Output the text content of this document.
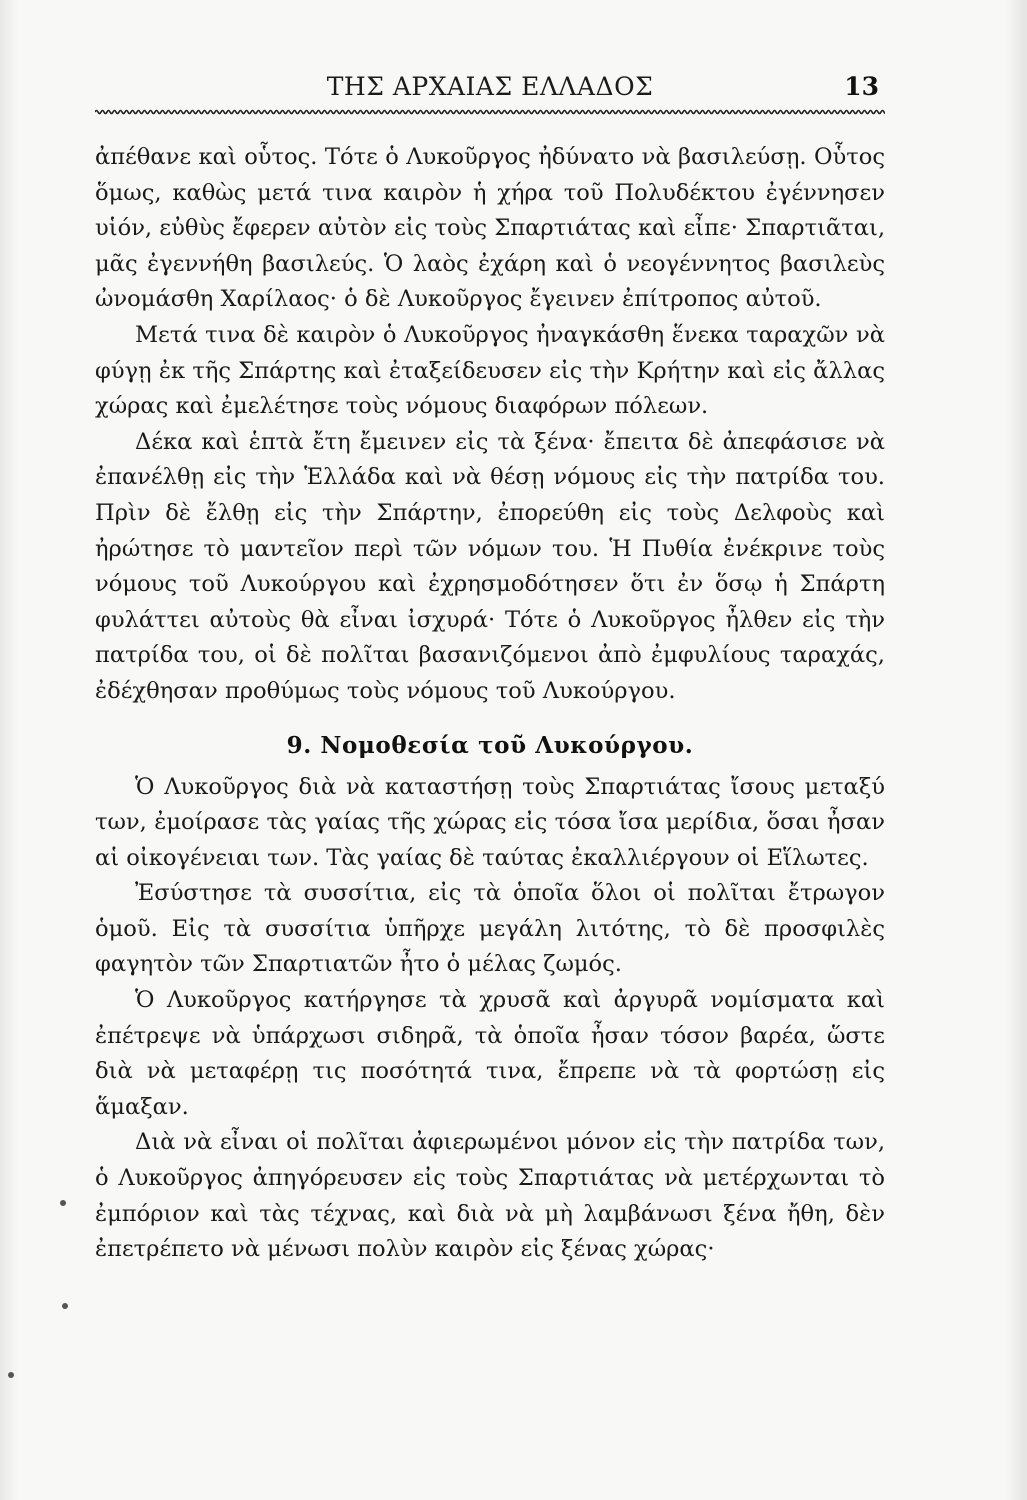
ΤΗΣ ΑΡΧΑΙΑΣ ΕΛΛΑΔΟΣ	13

ἀπέθανε καὶ οὗτος. Τότε ὁ Λυκοῦργος ἠδύνατο νὰ βασιλεύσῃ. Οὗτος ὅμως, καθὼς μετά τινα καιρὸν ἡ χήρα τοῦ Πολυδέκτου ἐγέννησεν υἱόν, εὐθὺς ἔφερεν αὐτὸν εἰς τοὺς Σπαρτιάτας καὶ εἶπε· Σπαρτιᾶται, μᾶς ἐγεννήθη βασιλεύς. Ὁ λαὸς ἐχάρη καὶ ὁ νεογέννητος βασιλεὺς ὠνομάσθη Χαρίλαος· ὁ δὲ Λυκοῦργος ἔγεινεν ἐπίτροπος αὐτοῦ.

Μετά τινα δὲ καιρὸν ὁ Λυκοῦργος ἠναγκάσθη ἕνεκα ταραχῶν νὰ φύγῃ ἐκ τῆς Σπάρτης καὶ ἐταξείδευσεν εἰς τὴν Κρήτην καὶ εἰς ἄλλας χώρας καὶ ἐμελέτησε τοὺς νόμους διαφόρων πόλεων.

Δέκα καὶ ἑπτὰ ἔτη ἔμεινεν εἰς τὰ ξένα· ἔπειτα δὲ ἀπεφάσισε νὰ ἐπανέλθῃ εἰς τὴν Ἑλλάδα καὶ νὰ θέσῃ νόμους εἰς τὴν πατρίδα του. Πρὶν δὲ ἔλθῃ εἰς τὴν Σπάρτην, ἐπορεύθη εἰς τοὺς Δελφοὺς καὶ ἠρώτησε τὸ μαντεῖον περὶ τῶν νόμων του. Ἡ Πυθία ἐνέκρινε τοὺς νόμους τοῦ Λυκούργου καὶ ἐχρησμοδότησεν ὅτι ἐν ὅσῳ ἡ Σπάρτη φυλάττει αὐτοὺς θὰ εἶναι ἰσχυρά· Τότε ὁ Λυκοῦργος ἦλθεν εἰς τὴν πατρίδα του, οἱ δὲ πολῖται βασανιζόμενοι ἀπὸ ἐμφυλίους ταραχάς, ἐδέχθησαν προθύμως τοὺς νόμους τοῦ Λυκούργου.

9. Νομοθεσία τοῦ Λυκούργου.

Ὁ Λυκοῦργος διὰ νὰ καταστήσῃ τοὺς Σπαρτιάτας ἴσους μεταξύ των, ἐμοίρασε τὰς γαίας τῆς χώρας εἰς τόσα ἴσα μερίδια, ὅσαι ἦσαν αἱ οἰκογένειαι των. Τὰς γαίας δὲ ταύτας ἐκαλλιέργουν οἱ Εἵλωτες.

Ἐσύστησε τὰ συσσίτια, εἰς τὰ ὁποῖα ὅλοι οἱ πολῖται ἔτρωγον ὁμοῦ. Εἰς τὰ συσσίτια ὑπῆρχε μεγάλη λιτότης, τὸ δὲ προσφιλὲς φαγητὸν τῶν Σπαρτιατῶν ἦτο ὁ μέλας ζωμός.

Ὁ Λυκοῦργος κατήργησε τὰ χρυσᾶ καὶ ἀργυρᾶ νομίσματα καὶ ἐπέτρεψε νὰ ὑπάρχωσι σιδηρᾶ, τὰ ὁποῖα ἦσαν τόσον βαρέα, ὥστε διὰ νὰ μεταφέρῃ τις ποσότητά τινα, ἔπρεπε νὰ τὰ φορτώσῃ εἰς ἅμαξαν.

Διὰ νὰ εἶναι οἱ πολῖται ἀφιερωμένοι μόνον εἰς τὴν πατρίδα των, ὁ Λυκοῦργος ἀπηγόρευσεν εἰς τοὺς Σπαρτιάτας νὰ μετέρχωνται τὸ ἐμπόριον καὶ τὰς τέχνας, καὶ διὰ νὰ μὴ λαμβάνωσι ξένα ἤθη, δὲν ἐπετρέπετο νὰ μένωσι πολὺν καιρὸν εἰς ξένας χώρας·
